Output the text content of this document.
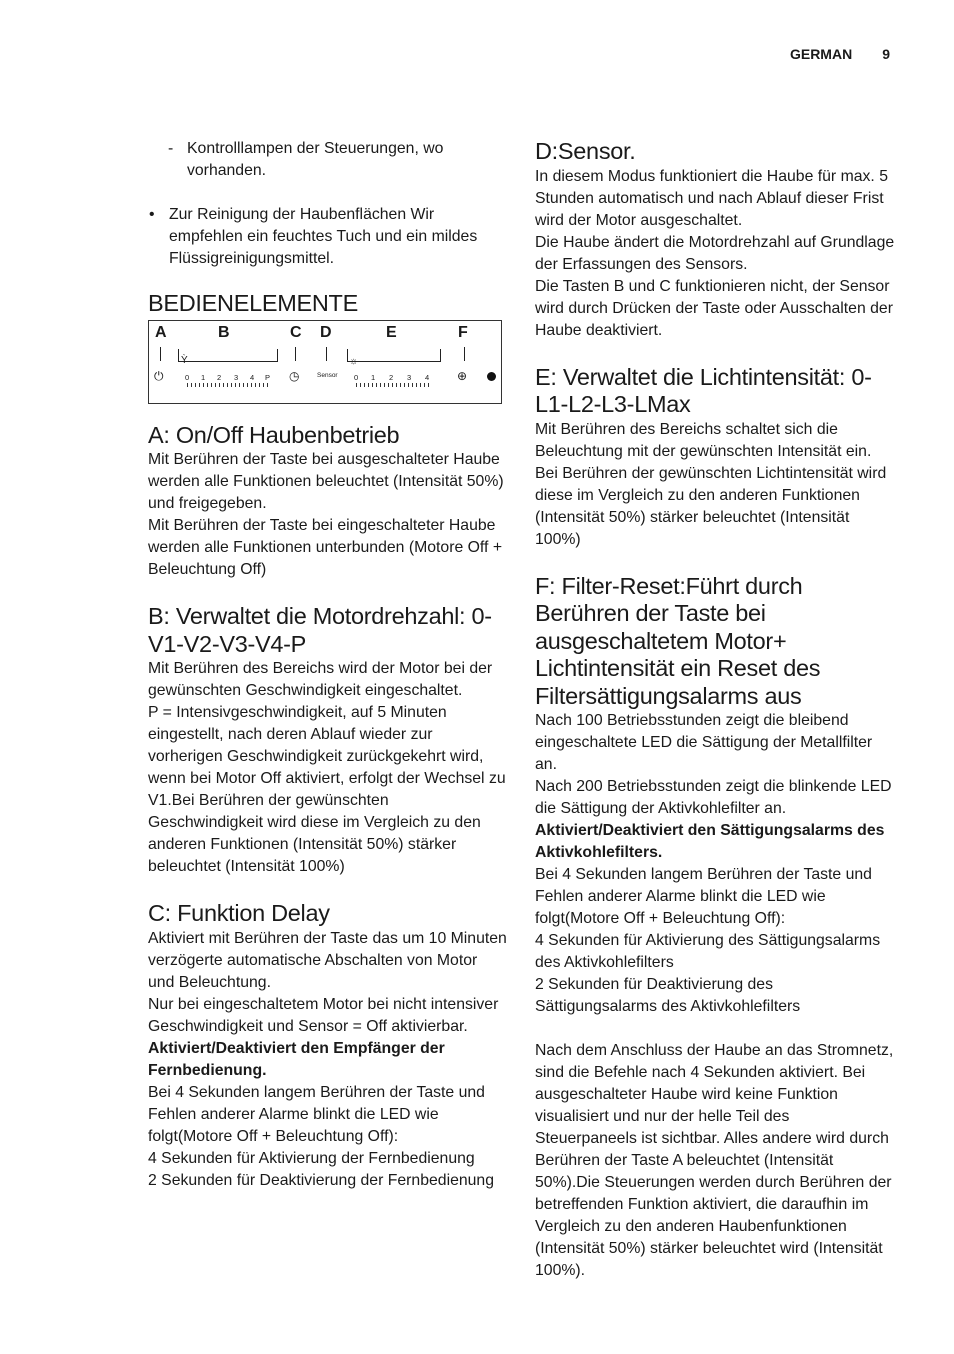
GERMAN 9
- Kontrolllampen der Steuerungen, wo vorhanden.
• Zur Reinigung der Haubenflächen Wir empfehlen ein feuchtes Tuch und ein mildes Flüssigreinigungsmittel.
BEDIENELEMENTE
A	B	C D	E	F
⏻
Ỳ
0 1 2 3 4 P ◷	Sensor
☼
0 1 2 3 4 ⊕
A: On/Off Haubenbetrieb

Mit Berühren der Taste bei ausgeschalteter Haube werden alle Funktionen beleuchtet (Intensität 50%) und freigegeben.

Mit Berühren der Taste bei eingeschalteter Haube werden alle Funktionen unterbunden (Motore Off + Beleuchtung Off)

B: Verwaltet die Motordrehzahl: 0-V1-V2-V3-V4-P

Mit Berühren des Bereichs wird der Motor bei der gewünschten Geschwindigkeit eingeschaltet.

P = Intensivgeschwindigkeit, auf 5 Minuten eingestellt, nach deren Ablauf wieder zur vorherigen Geschwindigkeit zurückgekehrt wird, wenn bei Motor Off aktiviert, erfolgt der Wechsel zu V1.Bei Berühren der gewünschten Geschwindigkeit wird diese im Vergleich zu den anderen Funktionen (Intensität 50%) stärker beleuchtet (Intensität 100%)

C: Funktion Delay

Aktiviert mit Berühren der Taste das um 10 Minuten verzögerte automatische Abschalten von Motor und Beleuchtung.

Nur bei eingeschaltetem Motor bei nicht intensiver Geschwindigkeit und Sensor = Off aktivierbar.

Aktiviert/Deaktiviert den Empfänger der Fernbedienung.

Bei 4 Sekunden langem Berühren der Taste und Fehlen anderer Alarme blinkt die LED wie folgt(Motore Off + Beleuchtung Off):

4 Sekunden für Aktivierung der Fernbedienung

2 Sekunden für Deaktivierung der Fernbedienung

D:Sensor.

In diesem Modus funktioniert die Haube für max. 5 Stunden automatisch und nach Ablauf dieser Frist wird der Motor ausgeschaltet.

Die Haube ändert die Motordrehzahl auf Grundlage der Erfassungen des Sensors.

Die Tasten B und C funktionieren nicht, der Sensor wird durch Drücken der Taste oder Ausschalten der Haube deaktiviert.

E: Verwaltet die Lichtintensität: 0-L1-L2-L3-LMax

Mit Berühren des Bereichs schaltet sich die Beleuchtung mit der gewünschten Intensität ein.

Bei Berühren der gewünschten Lichtintensität wird diese im Vergleich zu den anderen Funktionen (Intensität 50%) stärker beleuchtet (Intensität 100%)

F: Filter-Reset:Führt durch Berühren der Taste bei ausgeschaltetem Motor+ Lichtintensität ein Reset des Filtersättigungsalarms aus

Nach 100 Betriebsstunden zeigt die bleibend eingeschaltete LED die Sättigung der Metallfilter an.

Nach 200 Betriebsstunden zeigt die blinkende LED die Sättigung der Aktivkohlefilter an.

Aktiviert/Deaktiviert den Sättigungsalarms des Aktivkohlefilters.

Bei 4 Sekunden langem Berühren der Taste und Fehlen anderer Alarme blinkt die LED wie folgt(Motore Off + Beleuchtung Off):

4 Sekunden für Aktivierung des Sättigungsalarms des Aktivkohlefilters

2 Sekunden für Deaktivierung des Sättigungsalarms des Aktivkohlefilters

Nach dem Anschluss der Haube an das Stromnetz, sind die Befehle nach 4 Sekunden aktiviert. Bei ausgeschalteter Haube wird keine Funktion visualisiert und nur der helle Teil des Steuerpaneels ist sichtbar. Alles andere wird durch Berühren der Taste A beleuchtet (Intensität 50%).Die Steuerungen werden durch Berühren der betreffenden Funktion aktiviert, die daraufhin im Vergleich zu den anderen Haubenfunktionen (Intensität 50%) stärker beleuchtet wird (Intensität 100%).
